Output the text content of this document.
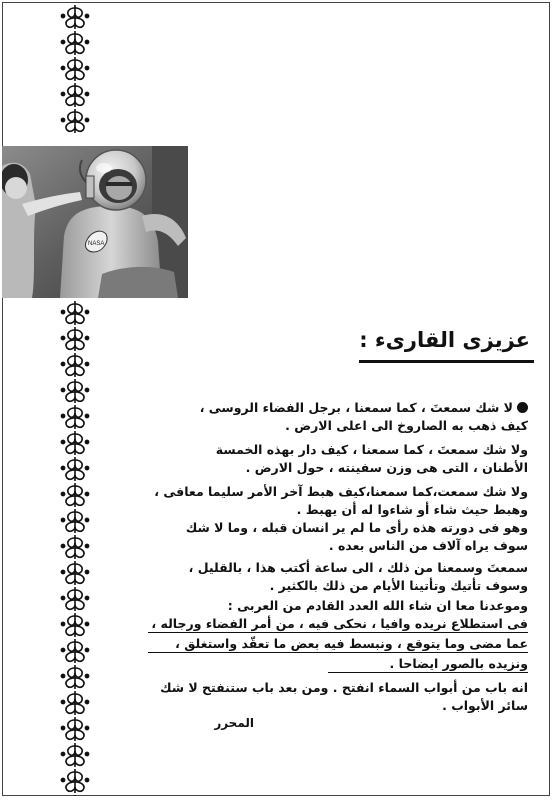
NASA
عزيزى القارىء :
لا شك سمعتَ ، كما سمعنا ، برجل الفضاء الروسى ،
كيف ذهب به الصاروخ الى اعلى الارض .
ولا شك سمعتَ ، كما سمعنا ، كيف دار بهذه الخمسة
الأطنان ، التى هى وزن سفينته ، حول الارض .
ولا شك سمعت،كما سمعنا،كيف هبط آخر الأمر سليما معافى ،
وهبط حيث شاء أو شاءوا له أن يهبط .
وهو فى دورته هذه رأى ما لم ير انسان قبله ، وما لا شك
سوف يراه آلاف من الناس بعده .
سمعتَ وسمعنا من ذلك ، الى ساعة أكتب هذا ، بالقليل ،
وسوف تأتيك وتأتينا الأيام من ذلك بالكثير .
وموعدنا معا ان شاء الله العدد القادم من العربى :
فى استطلاع نريده وافيا ، نحكى فيه ، من أمر الفضاء ورجاله ،
عما مضى وما يتوقع ، ونبسط فيه بعض ما تعقّد واستغلق ،
ونزيده بالصور ايضاحا .
انه باب من أبواب السماء انفتح . ومن بعد باب ستنفتح لا شك
سائر الأبواب .
المحرر
